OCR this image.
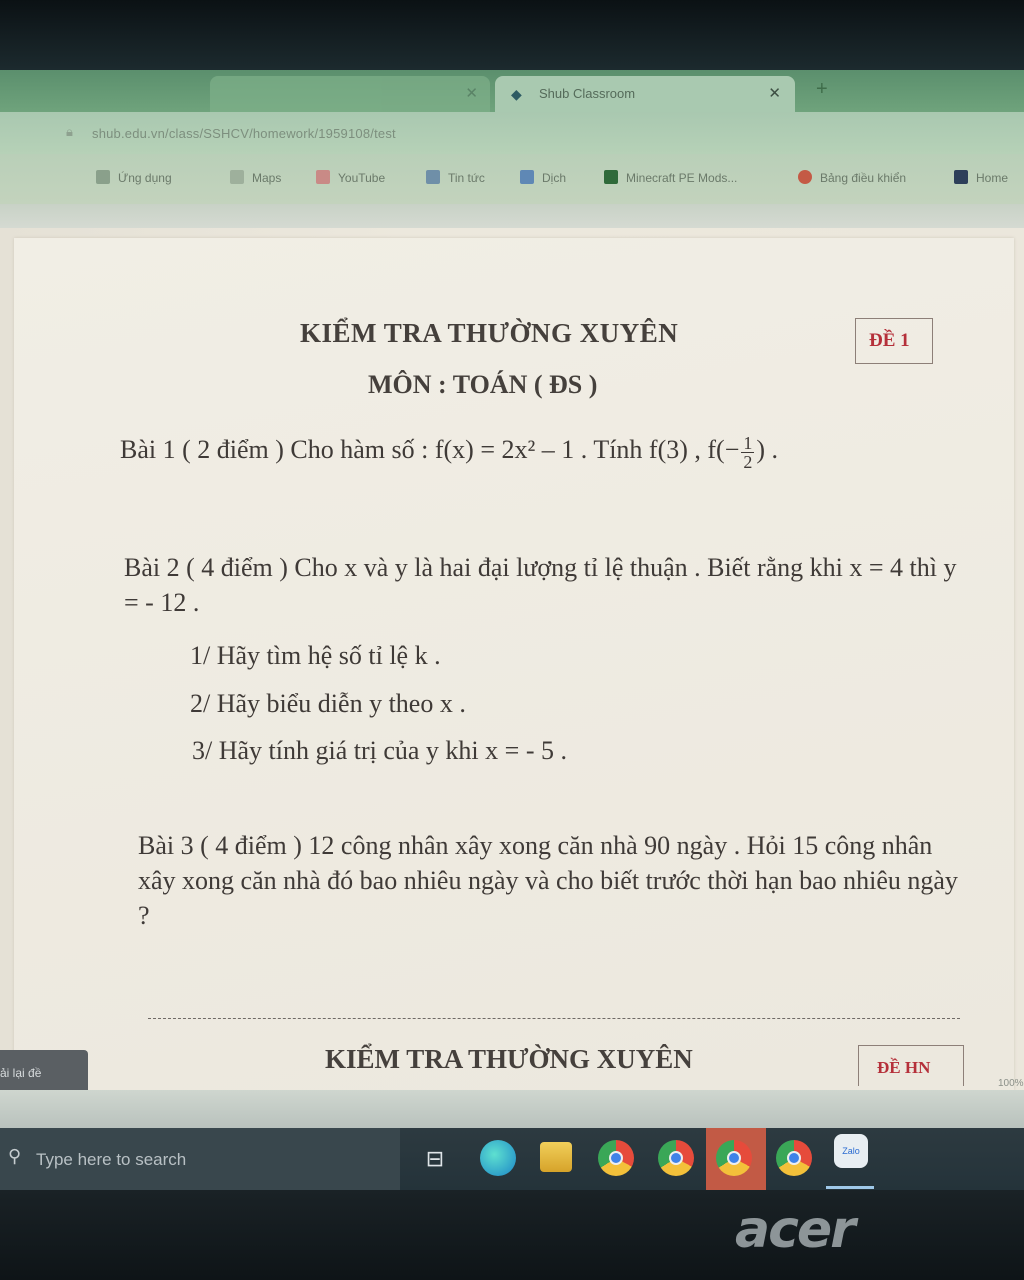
✕ ◆ Shub Classroom	✕ +
🔒︎ shub.edu.vn/class/SSHCV/homework/1959108/test
Ứng dụng	Maps	YouTube	Tin tức	Dịch	Minecraft PE Mods...	Bảng điều khiển	Home
KIỂM TRA THƯỜNG XUYÊN	ĐỀ 1
MÔN : TOÁN ( ĐS )
Bài 1 ( 2 điểm ) Cho hàm số : f(x) = 2x² – 1 . Tính f(3) , $f(- \frac{1}{2}$ ) .
Bài 2 ( 4 điểm ) Cho x và y là hai đại lượng tỉ lệ thuận . Biết rằng khi x = 4 thì y = - 12 .
1/ Hãy tìm hệ số tỉ lệ k .
2/ Hãy biểu diễn y theo x .
3/ Hãy tính giá trị của y khi x = - 5 .
Bài 3 ( 4 điểm ) 12 công nhân xây xong căn nhà 90 ngày . Hỏi 15 công nhân xây xong căn nhà đó bao nhiêu ngày và cho biết trước thời hạn bao nhiêu ngày ?
KIỂM TRA THƯỜNG XUYÊN	ĐỀ HN
ải lại đề
100%
⚲ Type here to search	⊟	Zalo
acer
